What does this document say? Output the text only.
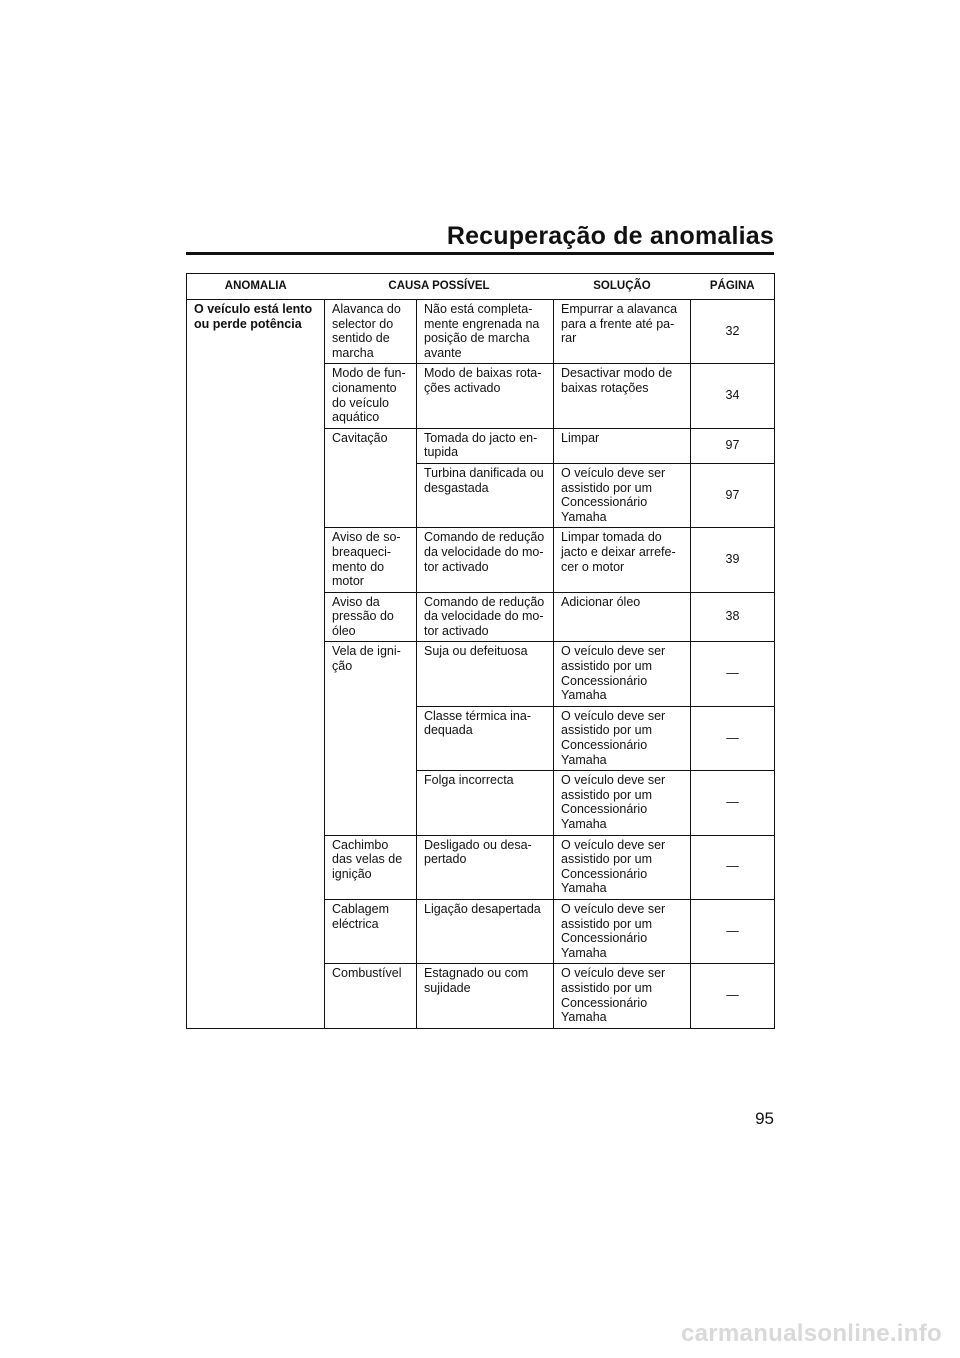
Recuperação de anomalias
ANOMALIA	CAUSA POSSÍVEL		SOLUÇÃO	PÁGINA
O veículo está lento ou perde potência	Alavanca do selector do sentido de marcha	Não está completa-
mente engrenada na
posição de marcha
avante	Empurrar a alavanca
para a frente até pa-
rar	32
	Modo de fun-
cionamento
do veículo
aquático	Modo de baixas rota-
ções activado	Desactivar modo de
baixas rotações	34
	Cavitação	Tomada do jacto en-
tupida	Limpar	97
		Turbina danificada ou
desgastada	O veículo deve ser
assistido por um
Concessionário
Yamaha	97
	Aviso de so-
breaqueci-
mento do
motor	Comando de redução
da velocidade do mo-
tor activado	Limpar tomada do
jacto e deixar arrefe-
cer o motor	39
	Aviso da
pressão do
óleo	Comando de redução
da velocidade do mo-
tor activado	Adicionar óleo	38
	Vela de igni-
ção	Suja ou defeituosa	O veículo deve ser
assistido por um
Concessionário
Yamaha	—
		Classe térmica ina-
dequada	O veículo deve ser
assistido por um
Concessionário
Yamaha	—
		Folga incorrecta	O veículo deve ser
assistido por um
Concessionário
Yamaha	—
	Cachimbo
das velas de
ignição	Desligado ou desa-
pertado	O veículo deve ser
assistido por um
Concessionário
Yamaha	—
	Cablagem
eléctrica	Ligação desapertada	O veículo deve ser
assistido por um
Concessionário
Yamaha	—
	Combustível	Estagnado ou com
sujidade	O veículo deve ser
assistido por um
Concessionário
Yamaha	—
95
carmanualsonline.info
